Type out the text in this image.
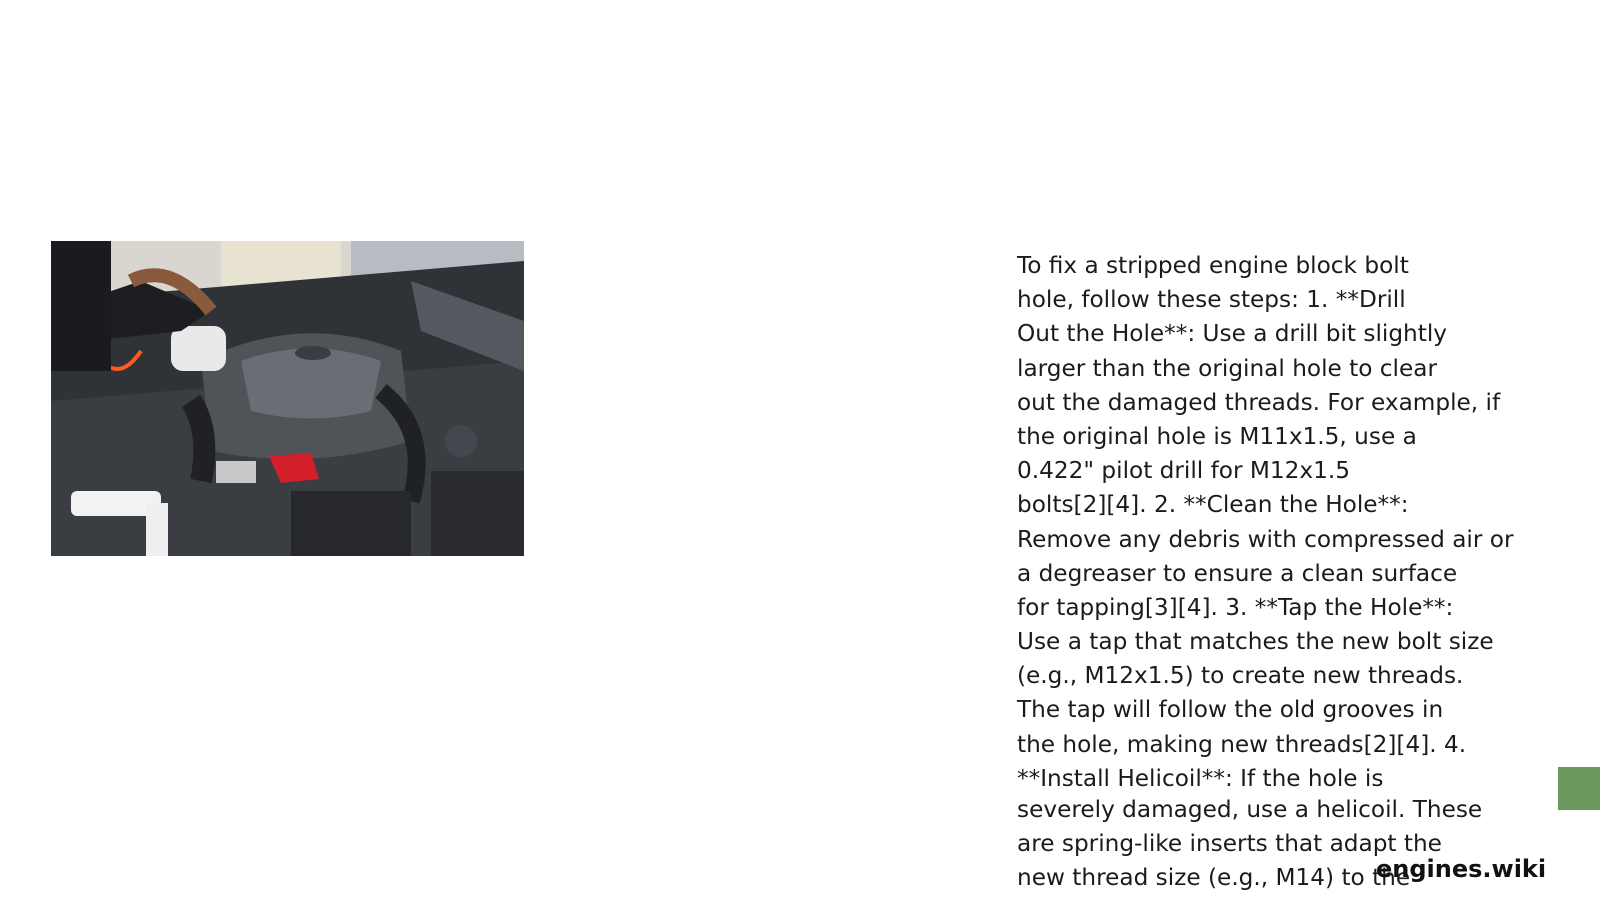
To fix a stripped engine block bolt
hole, follow these steps: 1. **Drill
Out the Hole**: Use a drill bit slightly
larger than the original hole to clear
out the damaged threads. For example, if
the original hole is M11x1.5, use a
0.422" pilot drill for M12x1.5
bolts[2][4]. 2. **Clean the Hole**:
Remove any debris with compressed air or
a degreaser to ensure a clean surface
for tapping[3][4]. 3. **Tap the Hole**:
Use a tap that matches the new bolt size
(e.g., M12x1.5) to create new threads.
The tap will follow the old grooves in
the hole, making new threads[2][4]. 4.
**Install Helicoil**: If the hole is
severely damaged, use a helicoil. These
are spring-like inserts that adapt the
new thread size (e.g., M14) to the
engines.wiki
